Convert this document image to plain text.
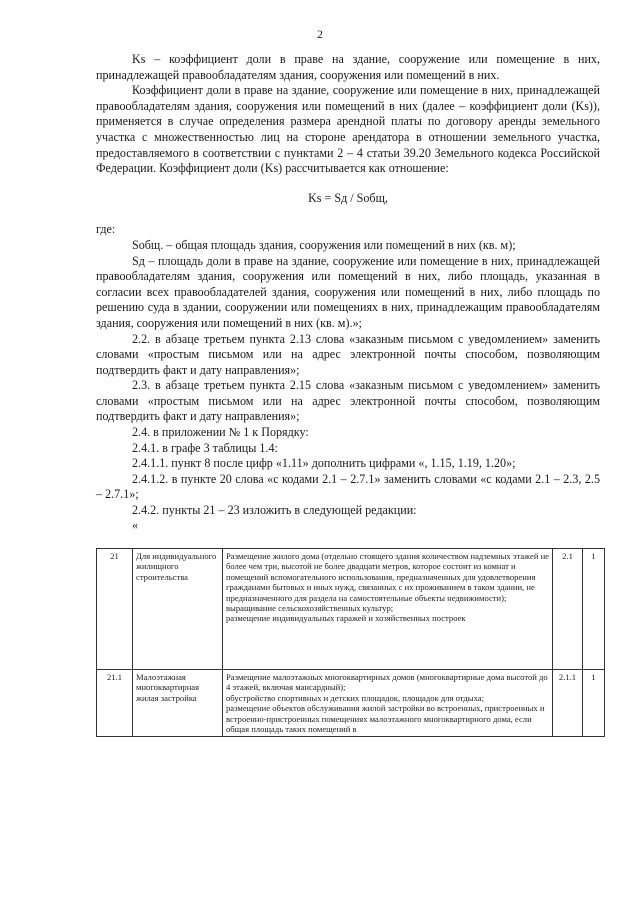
2

Ks – коэффициент доли в праве на здание, сооружение или помещение в них, принадлежащей правообладателям здания, сооружения или помещений в них.

Коэффициент доли в праве на здание, сооружение или помещение в них, принадлежащей правообладателям здания, сооружения или помещений в них (далее – коэффициент доли (Ks)), применяется в случае определения размера арендной платы по договору аренды земельного участка с множественностью лиц на стороне арендатора в отношении земельного участка, предоставляемого в соответствии с пунктами 2 – 4 статьи 39.20 Земельного кодекса Российской Федерации. Коэффициент доли (Ks) рассчитывается как отношение:

Ks = Sд / Sобщ,

где:

Sобщ. – общая площадь здания, сооружения или помещений в них (кв. м);

Sд – площадь доли в праве на здание, сооружение или помещение в них, принадлежащей правообладателям здания, сооружения или помещений в них, либо площадь, указанная в согласии всех правообладателей здания, сооружения или помещений в них, либо площадь по решению суда в здании, сооружении или помещениях в них, принадлежащим правообладателям здания, сооружения или помещений в них (кв. м).»;

2.2. в абзаце третьем пункта 2.13 слова «заказным письмом с уведомлением» заменить словами «простым письмом или на адрес электронной почты способом, позволяющим подтвердить факт и дату направления»;

2.3. в абзаце третьем пункта 2.15 слова «заказным письмом с уведомлением» заменить словами «простым письмом или на адрес электронной почты способом, позволяющим подтвердить факт и дату направления»;

2.4. в приложении № 1 к Порядку:

2.4.1. в графе 3 таблицы 1.4:

2.4.1.1. пункт 8 после цифр «1.11» дополнить цифрами «, 1.15, 1.19, 1.20»;

2.4.1.2. в пункте 20 слова «с кодами 2.1 – 2.7.1» заменить словами «с кодами 2.1 – 2.3, 2.5 – 2.7.1»;

2.4.2. пункты 21 – 23 изложить в следующей редакции:

«

21	Для индивидуального жилищного строительства	Размещение жилого дома (отдельно стоящего здания количеством надземных этажей не более чем три, высотой не более двадцати метров, которое состоит из комнат и помещений вспомогательного использования, предназначенных для удовлетворения гражданами бытовых и иных нужд, связанных с их проживанием в таком здании, не предназначенного для раздела на самостоятельные объекты недвижимости);
выращивание сельскохозяйственных культур;
размещение индивидуальных гаражей и хозяйственных построек	2.1	1
21.1	Малоэтажная многоквартирная жилая застройка	Размещение малоэтажных многоквартирных домов (многоквартирные дома высотой до 4 этажей, включая мансардный);
обустройство спортивных и детских площадок, площадок для отдыха;
размещение объектов обслуживания жилой застройки во встроенных, пристроенных и встроенно-пристроенных помещениях малоэтажного многоквартирного дома, если общая площадь таких помещений в	2.1.1	1
